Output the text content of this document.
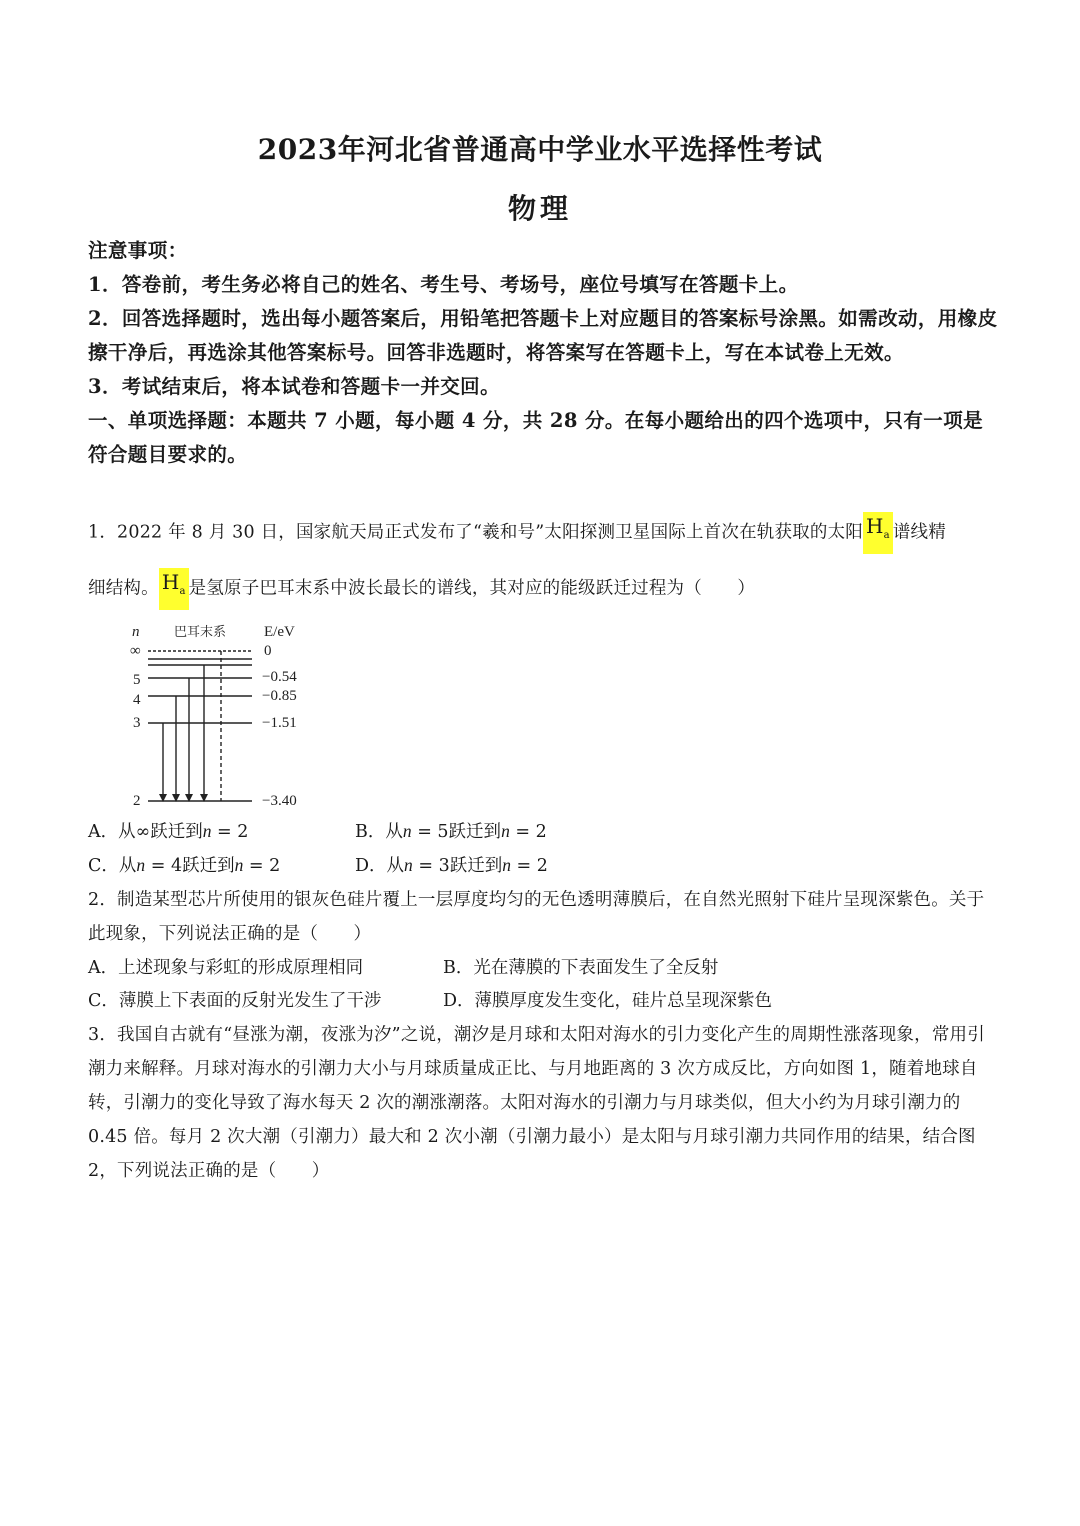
2023年河北省普通高中学业水平选择性考试
物理

注意事项：

1．答卷前，考生务必将自己的姓名、考生号、考场号，座位号填写在答题卡上。

2．回答选择题时，选出每小题答案后，用铅笔把答题卡上对应题目的答案标号涂黑。如需改动，用橡皮擦干净后，再选涂其他答案标号。回答非选题时，将答案写在答题卡上，写在本试卷上无效。

3．考试结束后，将本试卷和答题卡一并交回。

一、单项选择题：本题共 7 小题，每小题 4 分，共 28 分。在每小题给出的四个选项中，只有一项是符合题目要求的。

1．2022 年 8 月 30 日，国家航天局正式发布了“羲和号”太阳探测卫星国际上首次在轨获取的太阳 $H_a$ 谱线精
细结构。 $H_a$ 是氢原子巴耳末系中波长最长的谱线，其对应的能级跃迁过程为（　　）
n	巴耳末系	E/eV
∞
5
4
3
2
0
−0.54
−0.85
−1.51
−3.40
A．从∞跃迁到n = 2	B．从n = 5跃迁到n = 2
C．从n = 4跃迁到n = 2	D．从n = 3跃迁到n = 2

2．制造某型芯片所使用的银灰色硅片覆上一层厚度均匀的无色透明薄膜后，在自然光照射下硅片呈现深紫色。关于此现象，下列说法正确的是（　　）

A．上述现象与彩虹的形成原理相同	B．光在薄膜的下表面发生了全反射
C．薄膜上下表面的反射光发生了干涉	D．薄膜厚度发生变化，硅片总呈现深紫色

3．我国自古就有“昼涨为潮，夜涨为汐”之说，潮汐是月球和太阳对海水的引力变化产生的周期性涨落现象，常用引潮力来解释。月球对海水的引潮力大小与月球质量成正比、与月地距离的 3 次方成反比，方向如图 1，随着地球自转，引潮力的变化导致了海水每天 2 次的潮涨潮落。太阳对海水的引潮力与月球类似，但大小约为月球引潮力的 0.45 倍。每月 2 次大潮（引潮力）最大和 2 次小潮（引潮力最小）是太阳与月球引潮力共同作用的结果，结合图 2，下列说法正确的是（　　）
